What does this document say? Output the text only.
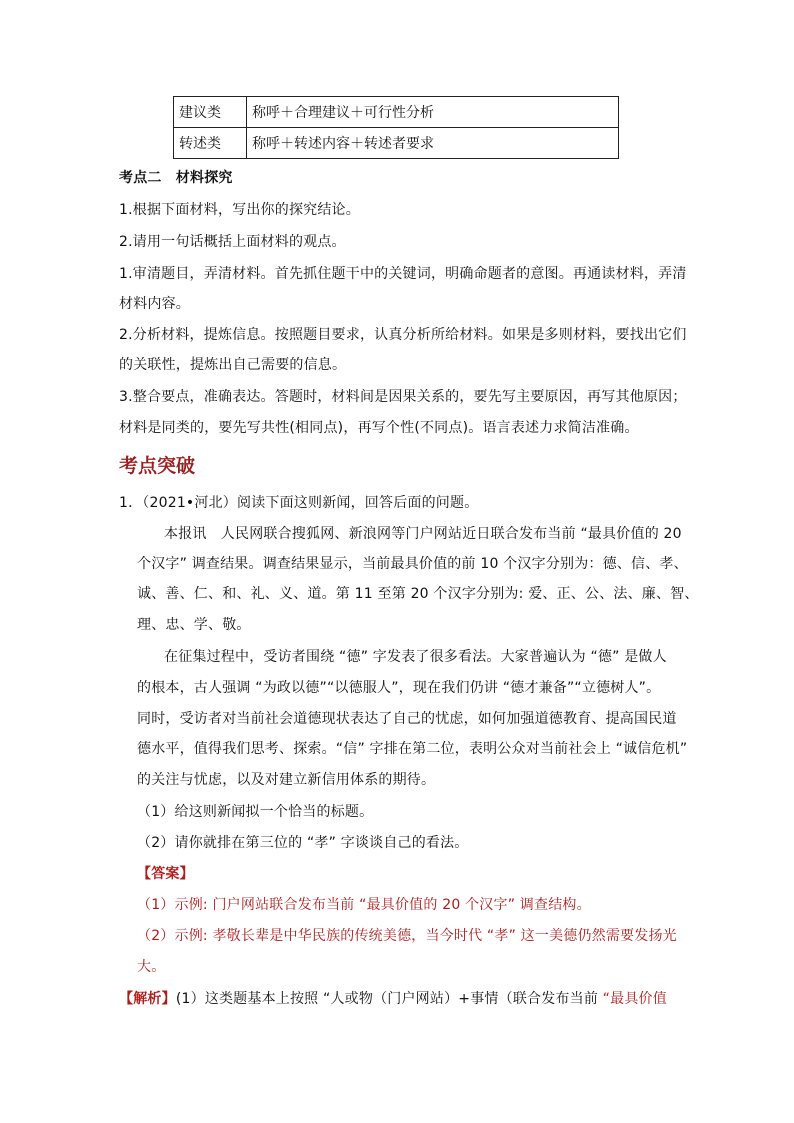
建议类	称呼＋合理建议＋可行性分析
转述类	称呼＋转述内容＋转述者要求

考点二　材料探究

1.根据下面材料，写出你的探究结论。

2.请用一句话概括上面材料的观点。

1.审清题目，弄清材料。首先抓住题干中的关键词，明确命题者的意图。再通读材料，弄清

材料内容。

2.分析材料，提炼信息。按照题目要求，认真分析所给材料。如果是多则材料，要找出它们

的关联性，提炼出自己需要的信息。

3.整合要点，准确表达。答题时，材料间是因果关系的，要先写主要原因，再写其他原因；

材料是同类的，要先写共性(相同点)，再写个性(不同点)。语言表述力求简洁准确。

考点突破

1．（2021•河北）阅读下面这则新闻，回答后面的问题。

本报讯　人民网联合搜狐网、新浪网等门户网站近日联合发布当前 “最具价值的 20

个汉字” 调查结果。调查结果显示，当前最具价值的前 10 个汉字分别为：德、信、孝、

诚、善、仁、和、礼、义、道。第 11 至第 20 个汉字分别为: 爱、正、公、法、廉、智、

理、忠、学、敬。

在征集过程中，受访者围绕 “德” 字发表了很多看法。大家普遍认为 “德” 是做人

的根本，古人强调 “为政以德”“以德服人”，现在我们仍讲 “德才兼备”“立德树人”。

同时，受访者对当前社会道德现状表达了自己的忧虑，如何加强道德教育、提高国民道

德水平，值得我们思考、探索。“信” 字排在第二位，表明公众对当前社会上 “诚信危机”

的关注与忧虑，以及对建立新信用体系的期待。

（1）给这则新闻拟一个恰当的标题。

（2）请你就排在第三位的 “孝” 字谈谈自己的看法。

【答案】

（1）示例: 门户网站联合发布当前 “最具价值的 20 个汉字” 调查结构。

（2）示例: 孝敬长辈是中华民族的传统美德，当今时代 “孝” 这一美德仍然需要发扬光

大。

【解析】(1）这类题基本上按照 “人或物（门户网站）+事情（联合发布当前 “最具价值
